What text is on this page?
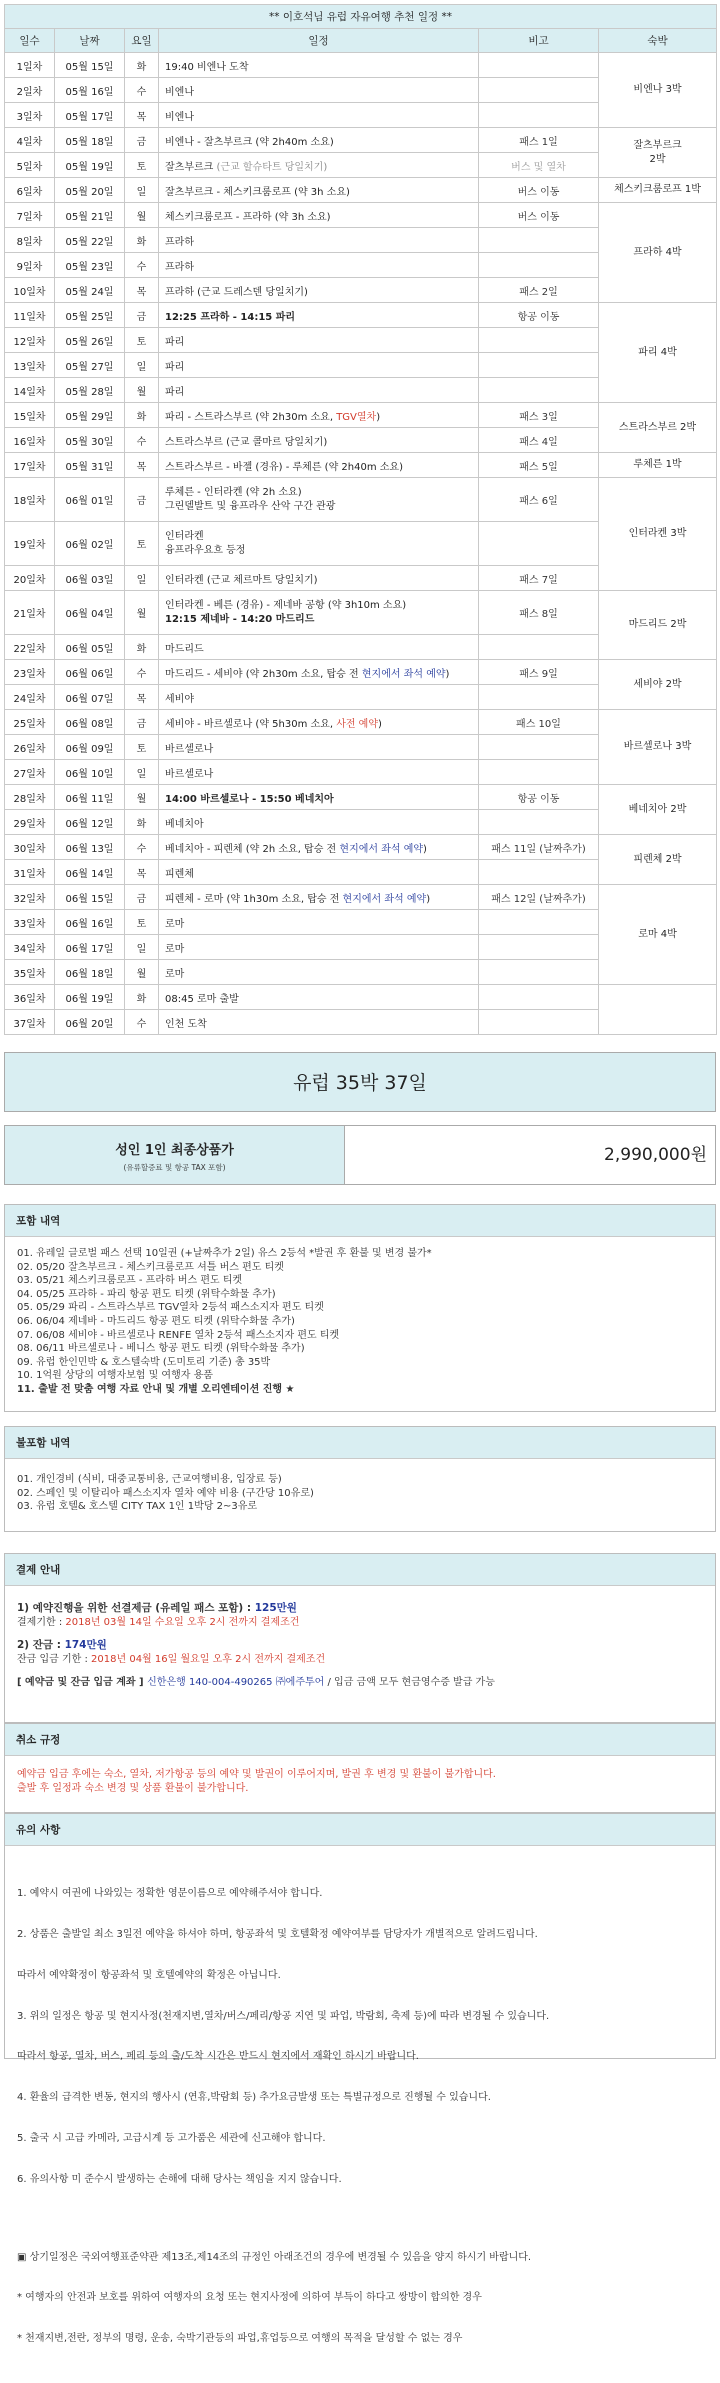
** 이호석님 유럽 자유여행 추천 일정 **					
일수	날짜	요일	일정	비고	숙박
1일차	05월 15일	화	19:40 비엔나 도착		비엔나 3박
2일차	05월 16일	수	비엔나		
3일차	05월 17일	목	비엔나		
4일차	05월 18일	금	비엔나 - 잘츠부르크 (약 2h40m 소요)	패스 1일	잘츠부르크
2박

5일차	05월 19일	토	잘츠부르크 (근교 할슈타트 당일치기)	버스 및 열차	
6일차	05월 20일	일	잘츠부르크 - 체스키크룸로프 (약 3h 소요)	버스 이동	체스키크룸로프 1박
7일차	05월 21일	월	체스키크룸로프 - 프라하 (약 3h 소요)	버스 이동	프라하 4박
8일차	05월 22일	화	프라하		
9일차	05월 23일	수	프라하		
10일차	05월 24일	목	프라하 (근교 드레스덴 당일치기)	패스 2일	
11일차	05월 25일	금	12:25 프라하 - 14:15 파리	항공 이동	파리 4박
12일차	05월 26일	토	파리		
13일차	05월 27일	일	파리		
14일차	05월 28일	월	파리		
15일차	05월 29일	화	파리 - 스트라스부르 (약 2h30m 소요, TGV열차)	패스 3일	스트라스부르 2박
16일차	05월 30일	수	스트라스부르 (근교 콜마르 당일치기)	패스 4일	
17일차	05월 31일	목	스트라스부르 - 바젤 (경유) - 루체른 (약 2h40m 소요)	패스 5일	루체른 1박
18일차	06월 01일	금	루체른 - 인터라켄 (약 2h 소요)
그린델발트 및 융프라우 산악 구간 관광	패스 6일	인터라켄 3박
19일차	06월 02일	토	인터라켄
융프라우요흐 등정		

20일차	06월 03일	일	인터라켄 (근교 체르마트 당일치기)	패스 7일	
21일차	06월 04일	월	인터라켄 - 베른 (경유) - 제네바 공항 (약 3h10m 소요)
12:15 제네바 - 14:20 마드리드	패스 8일	마드리드 2박
22일차	06월 05일	화	마드리드		
23일차	06월 06일	수	마드리드 - 세비야 (약 2h30m 소요, 탑승 전 현지에서 좌석 예약)	패스 9일	세비야 2박
24일차	06월 07일	목	세비야		
25일차	06월 08일	금	세비야 - 바르셀로나 (약 5h30m 소요, 사전 예약)	패스 10일	바르셀로나 3박
26일차	06월 09일	토	바르셀로나		
27일차	06월 10일	일	바르셀로나		
28일차	06월 11일	월	14:00 바르셀로나 - 15:50 베네치아	항공 이동	베네치아 2박
29일차	06월 12일	화	베네치아		
30일차	06월 13일	수	베네치아 - 피렌체 (약 2h 소요, 탑승 전 현지에서 좌석 예약)	패스 11일 (날짜추가)	피렌체 2박
31일차	06월 14일	목	피렌체		
32일차	06월 15일	금	피렌체 - 로마 (약 1h30m 소요, 탑승 전 현지에서 좌석 예약)	패스 12일 (날짜추가)	로마 4박
33일차	06월 16일	토	로마		
34일차	06월 17일	일	로마		
35일차	06월 18일	월	로마		
36일차	06월 19일	화	08:45 로마 출발		
37일차	06월 20일	수	인천 도착		
유럽 35박 37일
성인 1인 최종상품가
(유류할증료 및 항공 TAX 포함)
2,990,000원
포함 내역
01. 유레일 글로벌 패스 선택 10일권 (+날짜추가 2일) 유스 2등석 *발권 후 환불 및 변경 불가*
02. 05/20 잘츠부르크 - 체스키크룸로프 셔틀 버스 편도 티켓
03. 05/21 체스키크룸로프 - 프라하 버스 편도 티켓
04. 05/25 프라하 - 파리 항공 편도 티켓 (위탁수화물 추가)
05. 05/29 파리 - 스트라스부르 TGV열차 2등석 패스소지자 편도 티켓
06. 06/04 제네바 - 마드리드 항공 편도 티켓 (위탁수화물 추가)
07. 06/08 세비야 - 바르셀로나 RENFE 열차 2등석 패스소지자 편도 티켓
08. 06/11 바르셀로나 - 베니스 항공 편도 티켓 (위탁수화물 추가)
09. 유럽 한인민박 & 호스텔숙박 (도미토리 기준) 총 35박
10. 1억원 상당의 여행자보험 및 여행자 용품
11. 출발 전 맞춤 여행 자료 안내 및 개별 오리엔테이션 진행 ★
불포함 내역
01. 개인경비 (식비, 대중교통비용, 근교여행비용, 입장료 등)
02. 스페인 및 이탈리아 패스소지자 열차 예약 비용 (구간당 10유로)
03. 유럽 호텔& 호스텔 CITY TAX 1인 1박당 2~3유로
결제 안내
1) 예약진행을 위한 선결제금 (유레일 패스 포함) : 125만원
결제기한 : 2018년 03월 14일 수요일 오후 2시 전까지 결제조건
2) 잔금 : 174만원
잔금 입금 기한 : 2018년 04월 16일 월요일 오후 2시 전까지 결제조건
[ 예약금 및 잔금 입금 계좌 ] 신한은행 140-004-490265 ㈜에주투어 / 입금 금액 모두 현금영수증 발급 가능
취소 규정
예약금 입금 후에는 숙소, 열차, 저가항공 등의 예약 및 발권이 이루어지며, 발권 후 변경 및 환불이 불가합니다.
출발 후 일정과 숙소 변경 및 상품 환불이 불가합니다.
유의 사항

1. 예약시 여권에 나와있는 정확한 영문이름으로 예약해주셔야 합니다.

2. 상품은 출발일 최소 3일전 예약을 하셔야 하며, 항공좌석 및 호텔확정 예약여부를 담당자가 개별적으로 알려드립니다.

따라서 예약확정이 항공좌석 및 호텔예약의 확정은 아닙니다.

3. 위의 일정은 항공 및 현지사정(천재지변,열차/버스/페리/항공 지연 및 파업, 박람회, 축제 등)에 따라 변경될 수 있습니다.

따라서 항공, 열차, 버스, 페리 등의 출/도착 시간은 반드시 현지에서 재확인 하시기 바랍니다.

4. 환율의 급격한 변동, 현지의 행사시 (연휴,박람회 등) 추가요금발생 또는 특별규정으로 진행될 수 있습니다.

5. 출국 시 고급 카메라, 고급시계 등 고가품은 세관에 신고해야 합니다.

6. 유의사항 미 준수시 발생하는 손해에 대해 당사는 책임을 지지 않습니다.

▣ 상기일정은 국외여행표준약관 제13조,제14조의 규정인 아래조건의 경우에 변경될 수 있음을 양지 하시기 바랍니다.

* 여행자의 안전과 보호를 위하여 여행자의 요청 또는 현지사정에 의하여 부득이 하다고 쌍방이 합의한 경우

* 천재지변,전란, 정부의 명령, 운송, 숙박기관등의 파업,휴업등으로 여행의 목적을 달성할 수 없는 경우
